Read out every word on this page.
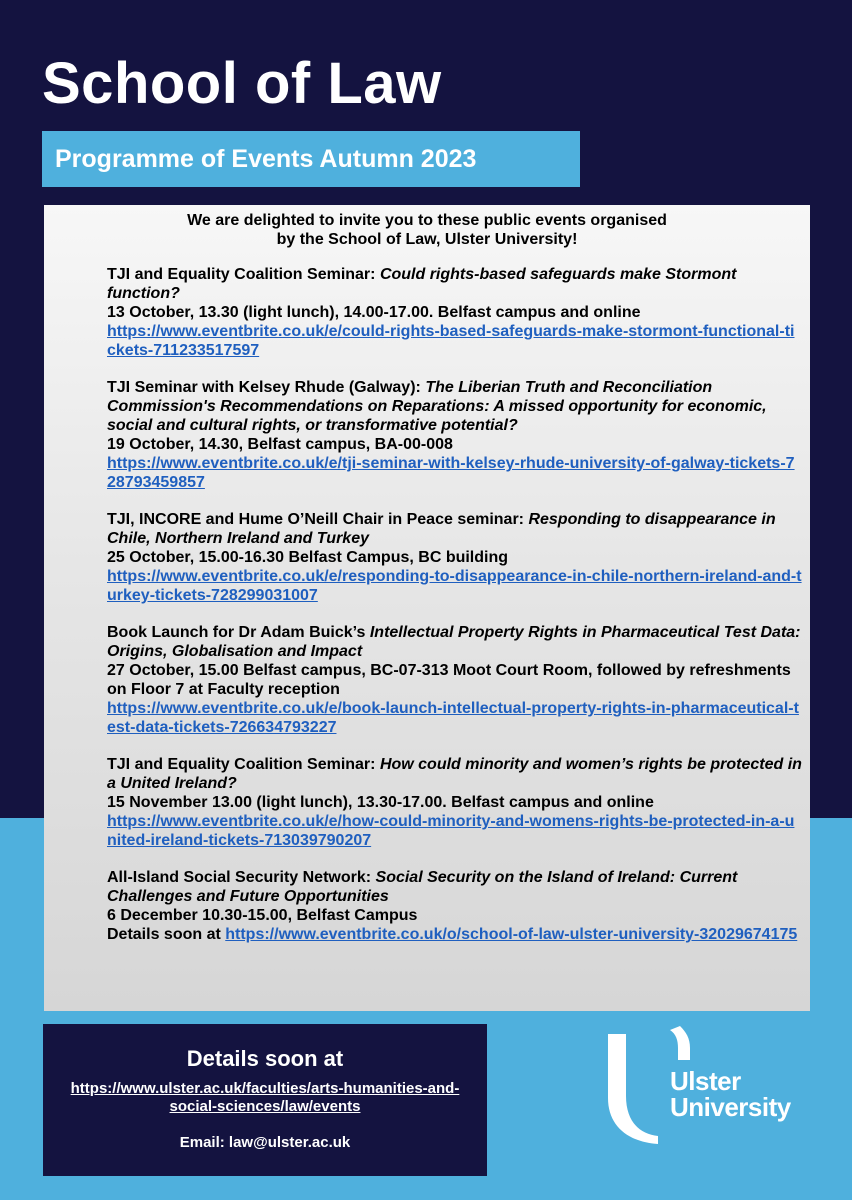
School of Law
Programme of Events Autumn 2023

We are delighted to invite you to these public events organised
by the School of Law, Ulster University!

TJI and Equality Coalition Seminar: Could rights-based safeguards make Stormont function?

13 October, 13.30 (light lunch), 14.00-17.00. Belfast campus and online

https://www.eventbrite.co.uk/e/could-rights-based-safeguards-make-stormont-functional-tickets-711233517597

TJI Seminar with Kelsey Rhude (Galway): The Liberian Truth and Reconciliation Commission's Recommendations on Reparations: A missed opportunity for economic, social and cultural rights, or transformative potential?

19 October, 14.30, Belfast campus, BA-00-008

https://www.eventbrite.co.uk/e/tji-seminar-with-kelsey-rhude-university-of-galway-tickets-728793459857

TJI, INCORE and Hume O’Neill Chair in Peace seminar: Responding to disappearance in Chile, Northern Ireland and Turkey

25 October, 15.00-16.30 Belfast Campus, BC building

https://www.eventbrite.co.uk/e/responding-to-disappearance-in-chile-northern-ireland-and-turkey-tickets-728299031007

Book Launch for Dr Adam Buick’s Intellectual Property Rights in Pharmaceutical Test Data: Origins, Globalisation and Impact

27 October, 15.00 Belfast campus, BC-07-313 Moot Court Room, followed by refreshments on Floor 7 at Faculty reception

https://www.eventbrite.co.uk/e/book-launch-intellectual-property-rights-in-pharmaceutical-test-data-tickets-726634793227

TJI and Equality Coalition Seminar: How could minority and women’s rights be protected in a United Ireland?

15 November 13.00 (light lunch), 13.30-17.00. Belfast campus and online

https://www.eventbrite.co.uk/e/how-could-minority-and-womens-rights-be-protected-in-a-united-ireland-tickets-713039790207

All-Island Social Security Network: Social Security on the Island of Ireland: Current Challenges and Future Opportunities

6 December 10.30-15.00, Belfast Campus

Details soon at https://www.eventbrite.co.uk/o/school-of-law-ulster-university-32029674175

Details soon at
https://www.ulster.ac.uk/faculties/arts-humanities-and-social-sciences/law/events
Email: law@ulster.ac.uk
Ulster
University
